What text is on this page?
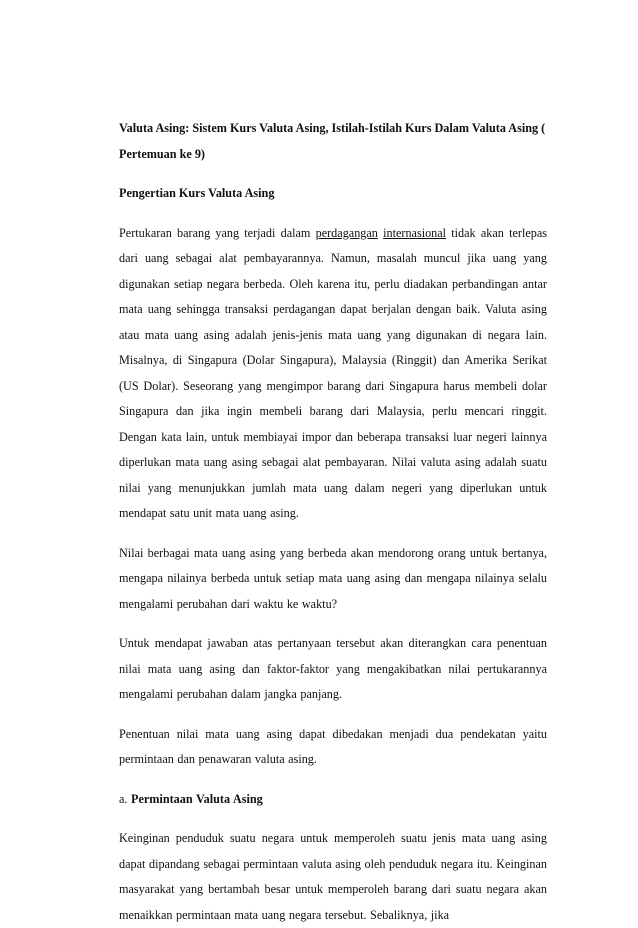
Valuta Asing: Sistem Kurs Valuta Asing, Istilah-Istilah Kurs Dalam Valuta Asing ( Pertemuan ke 9)

Pengertian Kurs Valuta Asing

Pertukaran barang yang terjadi dalam perdagangan internasional tidak akan terlepas dari uang sebagai alat pembayarannya. Namun, masalah muncul jika uang yang digunakan setiap negara berbeda. Oleh karena itu, perlu diadakan perbandingan antar mata uang sehingga transaksi perdagangan dapat berjalan dengan baik. Valuta asing atau mata uang asing adalah jenis-jenis mata uang yang digunakan di negara lain. Misalnya, di Singapura (Dolar Singapura), Malaysia (Ringgit) dan Amerika Serikat (US Dolar). Seseorang yang mengimpor barang dari Singapura harus membeli dolar Singapura dan jika ingin membeli barang dari Malaysia, perlu mencari ringgit. Dengan kata lain, untuk membiayai impor dan beberapa transaksi luar negeri lainnya diperlukan mata uang asing sebagai alat pembayaran. Nilai valuta asing adalah suatu nilai yang menunjukkan jumlah mata uang dalam negeri yang diperlukan untuk mendapat satu unit mata uang asing.

Nilai berbagai mata uang asing yang berbeda akan mendorong orang untuk bertanya, mengapa nilainya berbeda untuk setiap mata uang asing dan mengapa nilainya selalu mengalami perubahan dari waktu ke waktu?

Untuk mendapat jawaban atas pertanyaan tersebut akan diterangkan cara penentuan nilai mata uang asing dan faktor-faktor yang mengakibatkan nilai pertukarannya mengalami perubahan dalam jangka panjang.

Penentuan nilai mata uang asing dapat dibedakan menjadi dua pendekatan yaitu permintaan dan penawaran valuta asing.

a. Permintaan Valuta Asing

Keinginan penduduk suatu negara untuk memperoleh suatu jenis mata uang asing dapat dipandang sebagai permintaan valuta asing oleh penduduk negara itu. Keinginan masyarakat yang bertambah besar untuk memperoleh barang dari suatu negara akan menaikkan permintaan mata uang negara tersebut. Sebaliknya, jika
